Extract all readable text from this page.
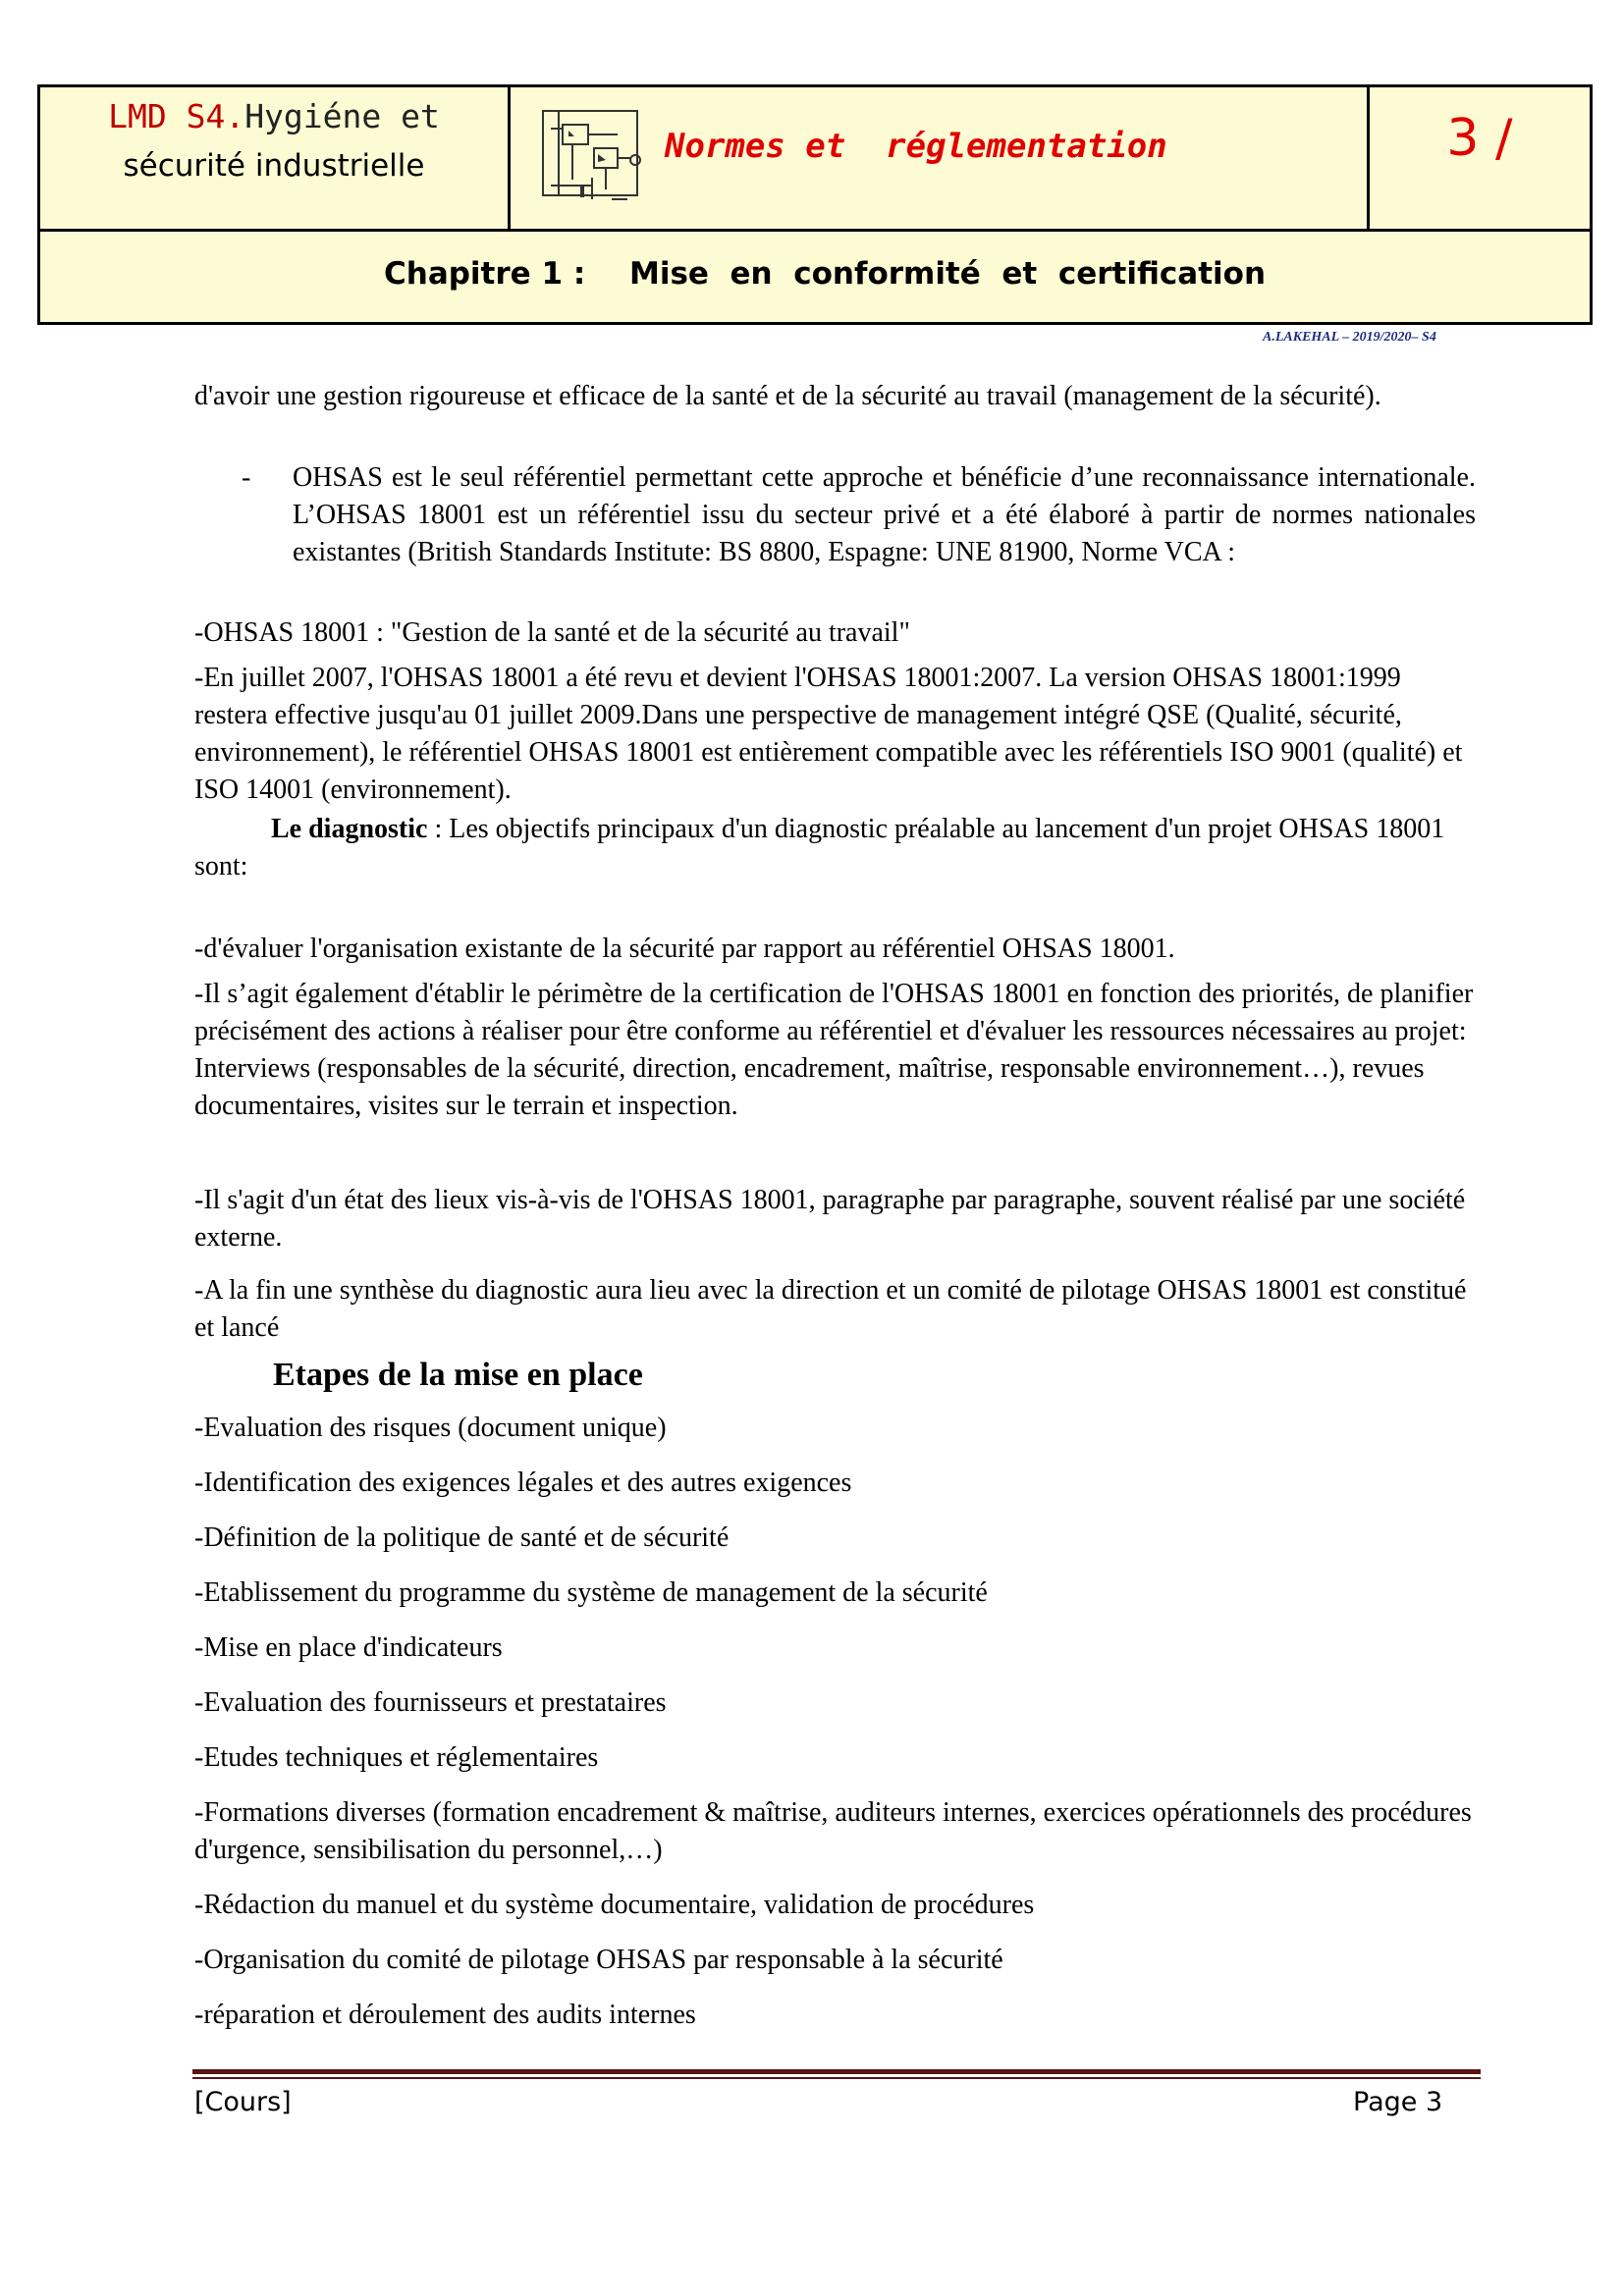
LMD S4.Hygiéne et
sécurité industrielle	Normes et  réglementation	3 /
Chapitre 1 : Mise  en  conformité  et  certification
A.LAKEHAL – 2019/2020– S4

d'avoir une gestion rigoureuse et efficace de la santé et de la sécurité au travail (management de la sécurité).

- OHSAS est le seul référentiel permettant cette approche et bénéficie d’une reconnaissance internationale. L’OHSAS 18001 est un référentiel issu du secteur privé et a été élaboré à partir de normes nationales existantes (British Standards Institute: BS 8800, Espagne: UNE 81900, Norme VCA :

-OHSAS 18001 : "Gestion de la santé et de la sécurité au travail"

-En juillet 2007, l'OHSAS 18001 a été revu et devient l'OHSAS 18001:2007. La version OHSAS 18001:1999 restera effective jusqu'au 01 juillet 2009.Dans une perspective de management intégré QSE (Qualité, sécurité, environnement), le référentiel OHSAS 18001 est entièrement compatible avec les référentiels ISO 9001 (qualité) et ISO 14001 (environnement).

Le diagnostic : Les objectifs principaux d'un diagnostic préalable au lancement d'un projet OHSAS 18001 sont:

-d'évaluer l'organisation existante de la sécurité par rapport au référentiel OHSAS 18001.

-Il s’agit également d'établir le périmètre de la certification de l'OHSAS 18001 en fonction des priorités, de planifier précisément des actions à réaliser pour être conforme au référentiel et d'évaluer les ressources nécessaires au projet: Interviews (responsables de la sécurité, direction, encadrement, maîtrise, responsable environnement…), revues documentaires, visites sur le terrain et inspection.

-Il s'agit d'un état des lieux vis-à-vis de l'OHSAS 18001, paragraphe par paragraphe, souvent réalisé par une société externe.

-A la fin une synthèse du diagnostic aura lieu avec la direction et un comité de pilotage OHSAS 18001 est constitué et lancé

Etapes de la mise en place

-Evaluation des risques (document unique)

-Identification des exigences légales et des autres exigences

-Définition de la politique de santé et de sécurité

-Etablissement du programme du système de management de la sécurité

-Mise en place d'indicateurs

-Evaluation des fournisseurs et prestataires

-Etudes techniques et réglementaires

-Formations diverses (formation encadrement & maîtrise, auditeurs internes, exercices opérationnels des procédures d'urgence, sensibilisation du personnel,…)

-Rédaction du manuel et du système documentaire, validation de procédures

-Organisation du comité de pilotage OHSAS par responsable à la sécurité

-réparation et déroulement des audits internes

[Cours]	Page 3
